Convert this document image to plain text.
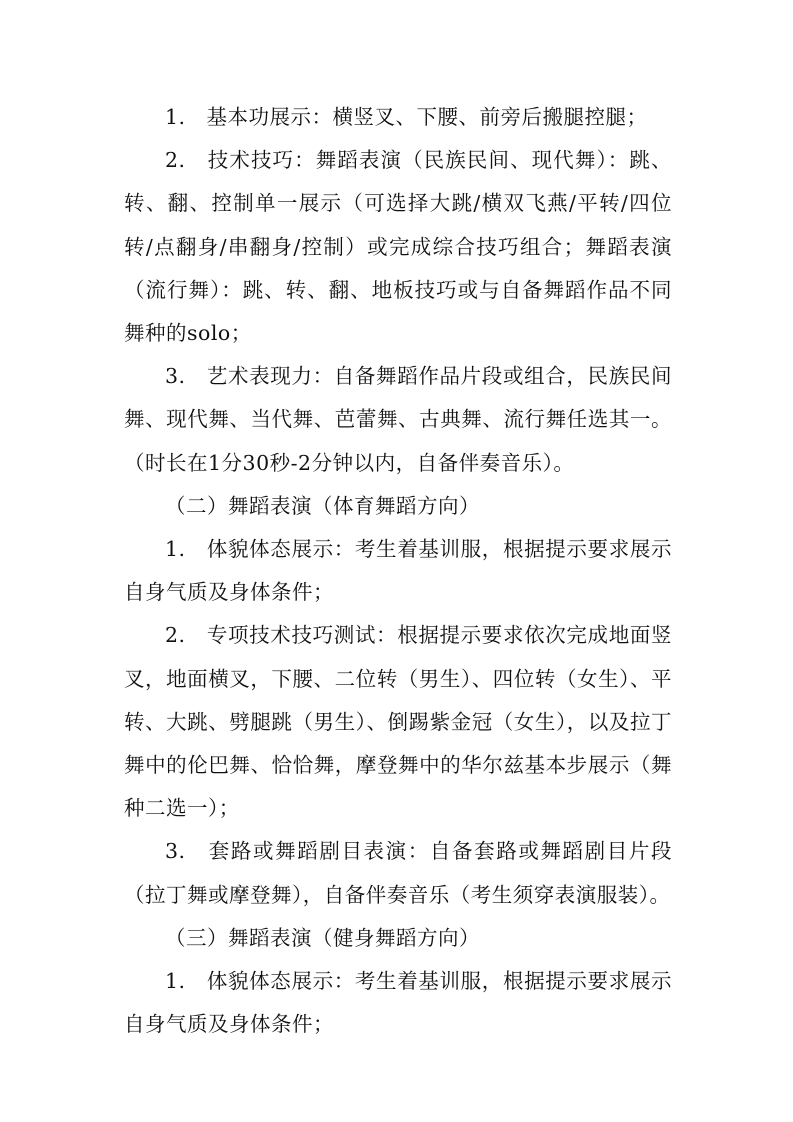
1.　基本功展示：横竖叉、下腰、前旁后搬腿控腿；

2.　技术技巧：舞蹈表演（民族民间、现代舞）：跳、转、翻、控制单一展示（可选择大跳/横双飞燕/平转/四位转/点翻身/串翻身/控制）或完成综合技巧组合；舞蹈表演（流行舞）：跳、转、翻、地板技巧或与自备舞蹈作品不同舞种的solo；

3.　艺术表现力：自备舞蹈作品片段或组合，民族民间舞、现代舞、当代舞、芭蕾舞、古典舞、流行舞任选其一。（时长在1分30秒-2分钟以内，自备伴奏音乐）。

（二）舞蹈表演（体育舞蹈方向）

1.　体貌体态展示：考生着基训服，根据提示要求展示自身气质及身体条件；

2.　专项技术技巧测试：根据提示要求依次完成地面竖叉，地面横叉，下腰、二位转（男生）、四位转（女生）、平转、大跳、劈腿跳（男生）、倒踢紫金冠（女生），以及拉丁舞中的伦巴舞、恰恰舞，摩登舞中的华尔兹基本步展示（舞种二选一）；

3.　套路或舞蹈剧目表演：自备套路或舞蹈剧目片段（拉丁舞或摩登舞），自备伴奏音乐（考生须穿表演服装）。

（三）舞蹈表演（健身舞蹈方向）

1.　体貌体态展示：考生着基训服，根据提示要求展示自身气质及身体条件；
